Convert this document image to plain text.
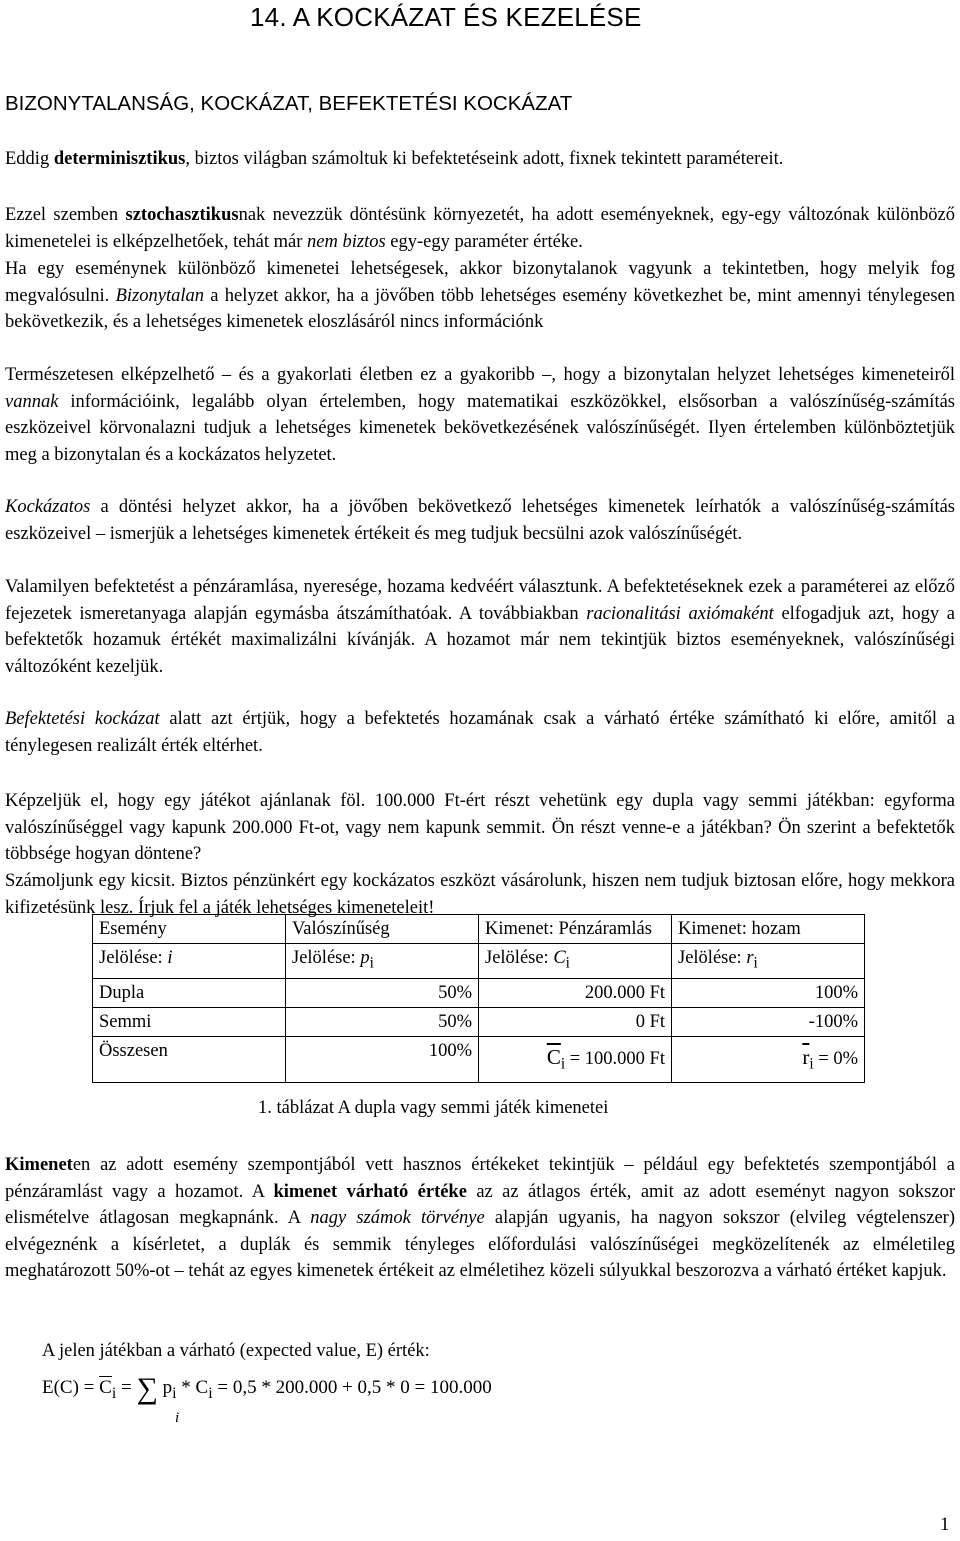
14. A KOCKÁZAT ÉS KEZELÉSE
BIZONYTALANSÁG, KOCKÁZAT, BEFEKTETÉSI KOCKÁZAT

Eddig determinisztikus, biztos világban számoltuk ki befektetéseink adott, fixnek tekintett paramétereit.

Ezzel szemben sztochasztikusnak nevezzük döntésünk környezetét, ha adott eseményeknek, egy-egy változónak különböző kimenetelei is elképzelhetőek, tehát már nem biztos egy-egy paraméter értéke.

Ha egy eseménynek különböző kimenetei lehetségesek, akkor bizonytalanok vagyunk a tekintetben, hogy melyik fog megvalósulni. Bizonytalan a helyzet akkor, ha a jövőben több lehetséges esemény következhet be, mint amennyi ténylegesen bekövetkezik, és a lehetséges kimenetek eloszlásáról nincs információnk

Természetesen elképzelhető – és a gyakorlati életben ez a gyakoribb –, hogy a bizonytalan helyzet lehetséges kimeneteiről vannak információink, legalább olyan értelemben, hogy matematikai eszközökkel, elsősorban a valószínűség-számítás eszközeivel körvonalazni tudjuk a lehetséges kimenetek bekövetkezésének valószínűségét. Ilyen értelemben különböztetjük meg a bizonytalan és a kockázatos helyzetet.

Kockázatos a döntési helyzet akkor, ha a jövőben bekövetkező lehetséges kimenetek leírhatók a valószínűség-számítás eszközeivel – ismerjük a lehetséges kimenetek értékeit és meg tudjuk becsülni azok valószínűségét.

Valamilyen befektetést a pénzáramlása, nyeresége, hozama kedvéért választunk. A befektetéseknek ezek a paraméterei az előző fejezetek ismeretanyaga alapján egymásba átszámíthatóak. A továbbiakban racionalitási axiómaként elfogadjuk azt, hogy a befektetők hozamuk értékét maximalizálni kívánják. A hozamot már nem tekintjük biztos eseményeknek, valószínűségi változóként kezeljük.

Befektetési kockázat alatt azt értjük, hogy a befektetés hozamának csak a várható értéke számítható ki előre, amitől a ténylegesen realizált érték eltérhet.

Képzeljük el, hogy egy játékot ajánlanak föl. 100.000 Ft-ért részt vehetünk egy dupla vagy semmi játékban: egyforma valószínűséggel vagy kapunk 200.000 Ft-ot, vagy nem kapunk semmit. Ön részt venne-e a játékban? Ön szerint a befektetők többsége hogyan döntene?

Számoljunk egy kicsit. Biztos pénzünkért egy kockázatos eszközt vásárolunk, hiszen nem tudjuk biztosan előre, hogy mekkora kifizetésünk lesz. Írjuk fel a játék lehetséges kimeneteleit!

Esemény	Valószínűség	Kimenet: Pénzáramlás	Kimenet: hozam
Jelölése: i	Jelölése: $p_i$	Jelölése: $C_i$	Jelölése: $r_i$
Dupla	50%	200.000 Ft	100%
Semmi	50%	0 Ft	-100%
Összesen	100%	$\overline{C}_i = 100.000$ Ft	$\overline{r}_i = 0\%$
1. táblázat A dupla vagy semmi játék kimenetei

Kimeneten az adott esemény szempontjából vett hasznos értékeket tekintjük – például egy befektetés szempontjából a pénzáramlást vagy a hozamot. A kimenet várható értéke az az átlagos érték, amit az adott eseményt nagyon sokszor elismételve átlagosan megkapnánk. A nagy számok törvénye alapján ugyanis, ha nagyon sokszor (elvileg végtelenszer) elvégeznénk a kísérletet, a duplák és semmik tényleges előfordulási valószínűségei megközelítenék az elméletileg meghatározott 50%-ot – tehát az egyes kimenetek értékeit az elméletihez közeli súlyukkal beszorozva a várható értéket kapjuk.

A jelen játékban a várható (expected value, E) érték:

$E(C) = \overline{C}_i$ = ∑ $p_i * C_i = 0,5 * 200.000 + 0,5 * 0 = 100.000$
i
1
